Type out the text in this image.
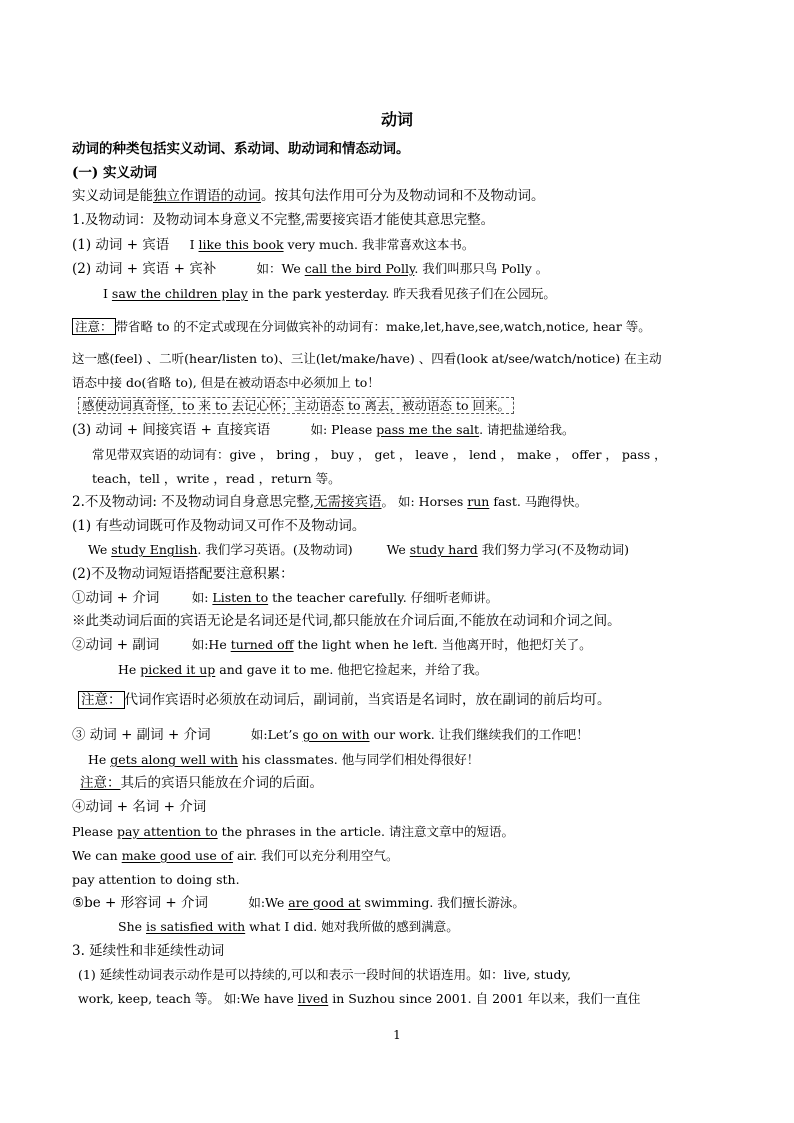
动词
动词的种类包括实义动词、系动词、助动词和情态动词。
(一) 实义动词
实义动词是能独立作谓语的动词。按其句法作用可分为及物动词和不及物动词。
1.及物动词：及物动词本身意义不完整,需要接宾语才能使其意思完整。
(1) 动词 + 宾语 I like this book very much. 我非常喜欢这本书。
(2) 动词 + 宾语 + 宾补	如：We call the bird Polly. 我们叫那只鸟 Polly 。
I saw the children play in the park yesterday. 昨天我看见孩子们在公园玩。
注意： 带省略 to 的不定式或现在分词做宾补的动词有：make,let,have,see,watch,notice, hear 等。
这一感(feel) 、二听(hear/listen to)、三让(let/make/have) 、四看(look at/see/watch/notice) 在主动
语态中接 do(省略 to), 但是在被动语态中必须加上 to！
感使动词真奇怪，to 来 to 去记心怀；主动语态 to 离去，被动语态 to 回来。
(3) 动词 + 间接宾语 + 直接宾语	如: Please pass me the salt. 请把盐递给我。
常见带双宾语的动词有：give ， bring ， buy ， get ， leave ， lend ， make ， offer ， pass ，
teach，tell ，write ，read ，return 等。
2.不及物动词: 不及物动词自身意思完整,无需接宾语。 如: Horses run fast. 马跑得快。
(1) 有些动词既可作及物动词又可作不及物动词。
We study English. 我们学习英语。(及物动词)	We study hard 我们努力学习(不及物动词)
(2)不及物动词短语搭配要注意积累：
①动词 + 介词	如: Listen to the teacher carefully. 仔细听老师讲。
※此类动词后面的宾语无论是名词还是代词,都只能放在介词后面,不能放在动词和介词之间。
②动词 + 副词	如:He turned off the light when he left. 当他离开时，他把灯关了。
He picked it up and gave it to me. 他把它捡起来，并给了我。
注意： 代词作宾语时必须放在动词后，副词前，当宾语是名词时，放在副词的前后均可。
③ 动词 + 副词 + 介词	如:Let’s go on with our work. 让我们继续我们的工作吧！
He gets along well with his classmates. 他与同学们相处得很好！
注意：其后的宾语只能放在介词的后面。
④动词 + 名词 + 介词
Please pay attention to the phrases in the article. 请注意文章中的短语。
We can make good use of air. 我们可以充分利用空气。
pay attention to doing sth.
⑤be + 形容词 + 介词	如:We are good at swimming. 我们擅长游泳。
She is satisfied with what I did. 她对我所做的感到满意。
3. 延续性和非延续性动词
(1) 延续性动词表示动作是可以持续的,可以和表示一段时间的状语连用。如：live, study,
work, keep, teach 等。 如:We have lived in Suzhou since 2001. 自 2001 年以来，我们一直住
1
